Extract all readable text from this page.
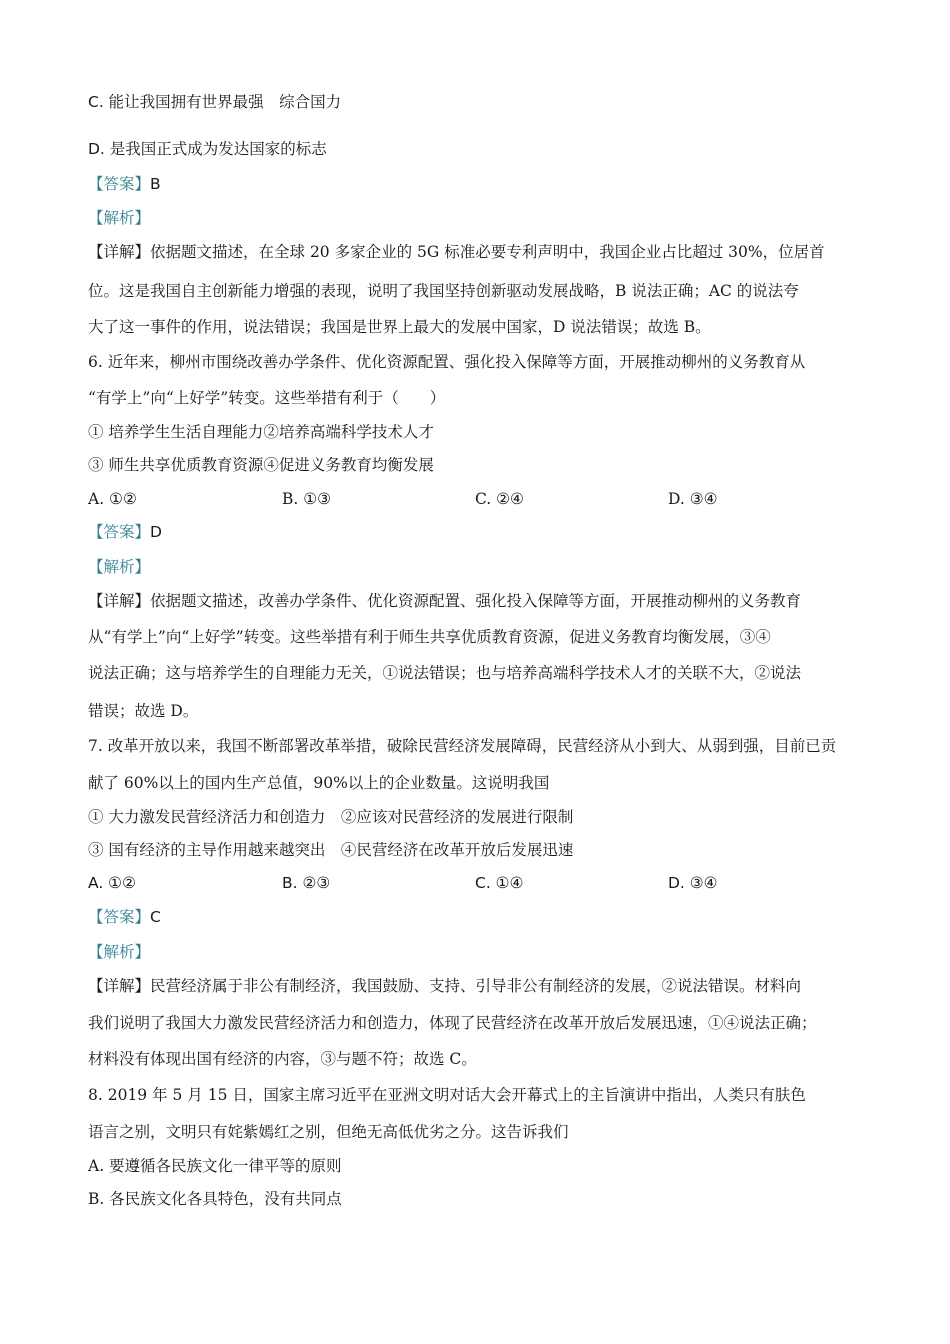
C. 能让我国拥有世界最强　综合国力
D. 是我国正式成为发达国家的标志
【答案】B
【解析】
【详解】依据题文描述，在全球 20 多家企业的 5G 标准必要专利声明中，我国企业占比超过 30%，位居首
位。这是我国自主创新能力增强的表现，说明了我国坚持创新驱动发展战略，B 说法正确；AC 的说法夸
大了这一事件的作用，说法错误；我国是世界上最大的发展中国家，D 说法错误；故选 B。
6. 近年来，柳州市围绕改善办学条件、优化资源配置、强化投入保障等方面，开展推动柳州的义务教育从
“有学上”向“上好学”转变。这些举措有利于（　　）
① 培养学生生活自理能力②培养高端科学技术人才
③ 师生共享优质教育资源④促进义务教育均衡发展
A. ①②	B. ①③	C. ②④	D. ③④
【答案】D
【解析】
【详解】依据题文描述，改善办学条件、优化资源配置、强化投入保障等方面，开展推动柳州的义务教育
从“有学上”向“上好学”转变。这些举措有利于师生共享优质教育资源，促进义务教育均衡发展，③④
说法正确；这与培养学生的自理能力无关，①说法错误；也与培养高端科学技术人才的关联不大，②说法
错误；故选 D。
7. 改革开放以来，我国不断部署改革举措，破除民营经济发展障碍，民营经济从小到大、从弱到强，目前已贡
献了 60%以上的国内生产总值，90%以上的企业数量。这说明我国
① 大力激发民营经济活力和创造力　②应该对民营经济的发展进行限制
③ 国有经济的主导作用越来越突出　④民营经济在改革开放后发展迅速
A. ①②	B. ②③	C. ①④	D. ③④
【答案】C
【解析】
【详解】民营经济属于非公有制经济，我国鼓励、支持、引导非公有制经济的发展，②说法错误。材料向
我们说明了我国大力激发民营经济活力和创造力，体现了民营经济在改革开放后发展迅速，①④说法正确；
材料没有体现出国有经济的内容，③与题不符；故选 C。
8. 2019 年 5 月 15 日，国家主席习近平在亚洲文明对话大会开幕式上的主旨演讲中指出，人类只有肤色
语言之别，文明只有姹紫嫣红之别，但绝无高低优劣之分。这告诉我们
A. 要遵循各民族文化一律平等的原则
B. 各民族文化各具特色，没有共同点
